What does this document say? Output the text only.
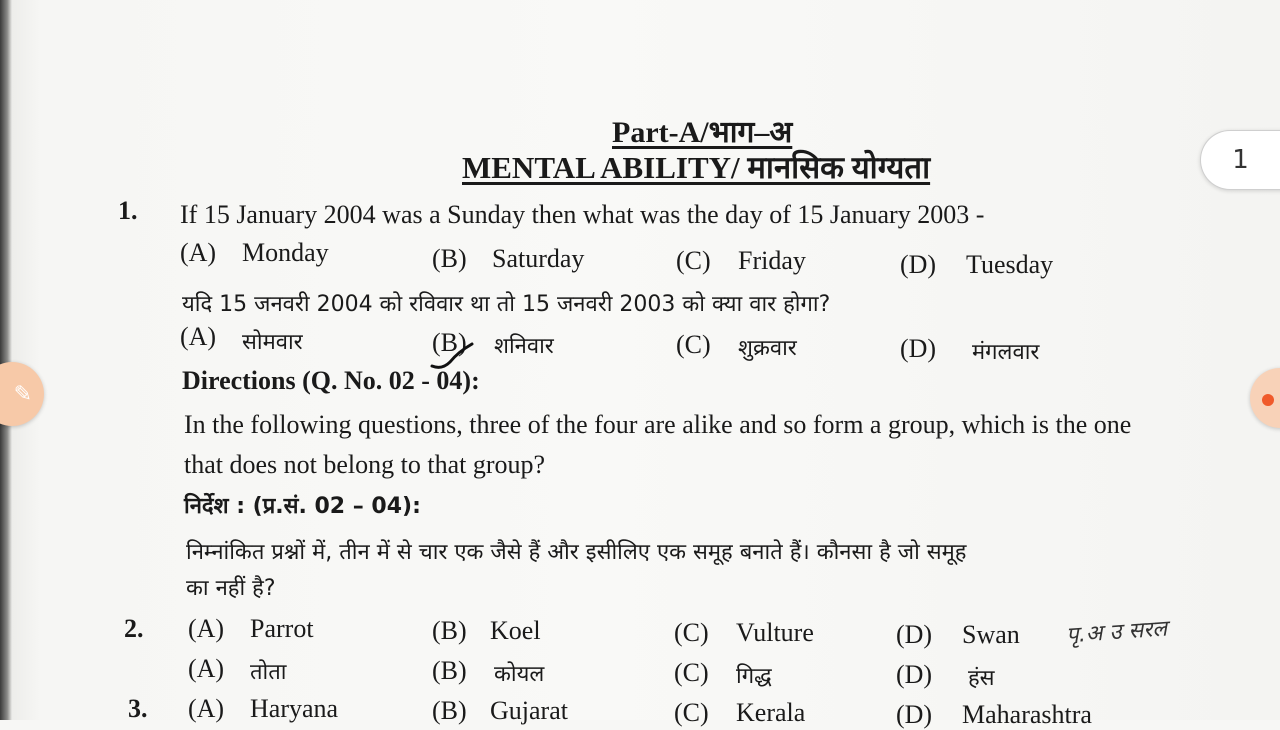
Part-A/भाग–अ
MENTAL ABILITY/ मानसिक योग्यता
1. If 15 January 2004 was a Sunday then what was the day of 15 January 2003 -
(A) Monday	(B) Saturday	(C) Friday	(D) Tuesday
यदि 15 जनवरी 2004 को रविवार था तो 15 जनवरी 2003 को क्या वार होगा?
(A) सोमवार	(B) शनिवार	(C) शुक्रवार	(D) मंगलवार
Directions (Q. No. 02 - 04):
In the following questions, three of the four are alike and so form a group, which is the one
that does not belong to that group?
निर्देश : (प्र.सं. 02 – 04):
निम्नांकित प्रश्नों में, तीन में से चार एक जैसे हैं और इसीलिए एक समूह बनाते हैं। कौनसा है जो समूह
का नहीं है?
2. (A) Parrot	(B) Koel	(C) Vulture	(D) Swan पृ.अ उ सरल
(A) तोता	(B) कोयल	(C) गिद्ध	(D) हंस
3. (A) Haryana	(B) Gujarat	(C) Kerala	(D) Maharashtra
1
✎
